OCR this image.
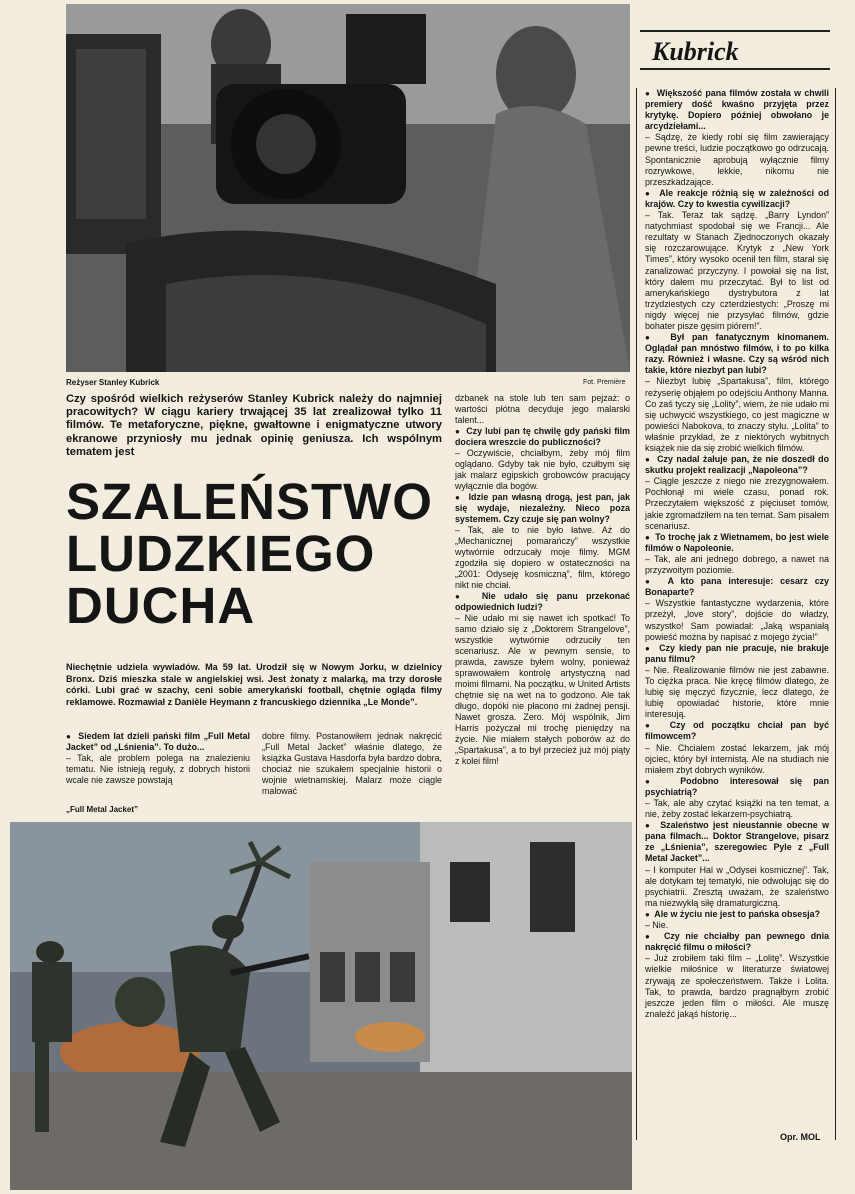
Reżyser Stanley Kubrick	Fot. Première
Kubrick
Czy spośród wielkich reżyserów Stanley Kubrick należy do najmniej pracowitych? W ciągu kariery trwającej 35 lat zrealizował tylko 11 filmów. Te metaforyczne, piękne, gwałtowne i enigmatyczne utwory ekranowe przyniosły mu jednak opinię geniusza. Ich wspólnym tematem jest
SZALEŃSTWO
LUDZKIEGO
DUCHA
Niechętnie udziela wywiadów. Ma 59 lat. Urodził się w Nowym Jorku, w dzielnicy Bronx. Dziś mieszka stale w angielskiej wsi. Jest żonaty z malarką, ma trzy dorosłe córki. Lubi grać w szachy, ceni sobie amerykański football, chętnie ogląda filmy reklamowe. Rozmawiał z Danièle Heymann z francuskiego dziennika „Le Monde”.

●  Siedem lat dzieli pański film „Full Metal Jacket” od „Lśnienia”. To dużo...

– Tak, ale problem polega na znalezieniu tematu. Nie istnieją reguły, z dobrych historii wcale nie zawsze powstają

dobre filmy. Postanowiłem jednak nakręcić „Full Metal Jacket” właśnie dlatego, że książka Gustava Hasdorfa była bardzo dobra, chociaż nie szukałem specjalnie historii o wojnie wietnamskiej. Malarz może ciągle malować

„Full Metal Jacket”

dzbanek na stole lub ten sam pejzaż: o wartości płótna decyduje jego malarski talent...

●  Czy lubi pan tę chwilę gdy pański film dociera wreszcie do publiczności?

– Oczywiście, chciałbym, żeby mój film oglądano. Gdyby tak nie było, czułbym się jak malarz egipskich grobowców pracujący wyłącznie dla bogów.

●  Idzie pan własną drogą, jest pan, jak się wydaje, niezależny. Nieco poza systemem. Czy czuje się pan wolny?

– Tak, ale to nie było łatwe. Aż do „Mechanicznej pomarańczy” wszystkie wytwórnie odrzucały moje filmy. MGM zgodziła się dopiero w ostateczności na „2001: Odyseję kosmiczną”, film, którego nikt nie chciał.

●  Nie udało się panu przekonać odpowiednich ludzi?

– Nie udało mi się nawet ich spotkać! To samo działo się z „Doktorem Strangelove”, wszystkie wytwórnie odrzuciły ten scenariusz. Ale w pewnym sensie, to prawda, zawsze byłem wolny, ponieważ sprawowałem kontrolę artystyczną nad moimi filmami. Na początku, w United Artists chętnie się na wet na to godzono. Ale tak długo, dopóki nie płacono mi żadnej pensji. Nawet grosza. Zero. Mój wspólnik, Jim Harris pożyczał mi trochę pieniędzy na życie. Nie miałem stałych poborów aż do „Spartakusa”, a to był przecież już mój piąty z kolei film!

●  Większość pana filmów została w chwili premiery dość kwaśno przyjęta przez krytykę. Dopiero później obwołano je arcydziełami...

– Sądzę, że kiedy robi się film zawierający pewne treści, ludzie początkowo go odrzucają. Spontanicznie aprobują wyłącznie filmy rozrywkowe, lekkie, nikomu nie przeszkadzające.

●  Ale reakcje różnią się w zależności od krajów. Czy to kwestia cywilizacji?

– Tak. Teraz tak sądzę. „Barry Lyndon” natychmiast spodobał się we Francji... Ale rezultaty w Stanach Zjednoczonych okazały się rozczarowujące. Krytyk z „New York Times”, który wysoko ocenił ten film, starał się zanalizować przyczyny. I powołał się na list, który dałem mu przeczytać. Był to list od amerykańskiego dystrybutora z lat trzydziestych czy czterdziestych: „Proszę mi nigdy więcej nie przysyłać filmów, gdzie bohater pisze gęsim piórem!”.

●  Był pan fanatycznym kinomanem. Oglądał pan mnóstwo filmów, i to po kilka razy. Również i własne. Czy są wśród nich takie, które niezbyt pan lubi?

– Niezbyt lubię „Spartakusa”, film, którego reżyserię objąłem po odejściu Anthony Manna. Co zaś tyczy się „Lolity”, wiem, że nie udało mi się uchwycić wszystkiego, co jest magiczne w powieści Nabokova, to znaczy stylu. „Lolita” to właśnie przykład, że z niektórych wybitnych książek nie da się zrobić wielkich filmów.

●  Czy nadal żałuje pan, że nie doszedł do skutku projekt realizacji „Napoleona”?

– Ciągle jeszcze z niego nie zrezygnowałem. Pochłonął mi wiele czasu, ponad rok. Przeczytałem większość z pięciuset tomów, jakie zgromadziłem na ten temat. Sam pisałem scenariusz.

●  To trochę jak z Wietnamem, bo jest wiele filmów o Napoleonie.

– Tak, ale ani jednego dobrego, a nawet na przyzwoitym poziomie.

●  A kto pana interesuje: cesarz czy Bonaparte?

– Wszystkie fantastyczne wydarzenia, które przeżył, „love story”, dojście do władzy, wszystko! Sam powiadał: „Jaką wspaniałą powieść można by napisać z mojego życia!”

●  Czy kiedy pan nie pracuje, nie brakuje panu filmu?

– Nie. Realizowanie filmów nie jest zabawne. To ciężka praca. Nie kręcę filmów dlatego, że lubię się męczyć fizycznie, lecz dlatego, że lubię opowiadać historie, które mnie interesują.

●  Czy od początku chciał pan być filmowcem?

– Nie. Chciałem zostać lekarzem, jak mój ojciec, który był internistą. Ale na studiach nie miałem zbyt dobrych wyników.

●  Podobno interesował się pan psychiatrią?

– Tak, ale aby czytać książki na ten temat, a nie, żeby zostać lekarzem-psychiatrą.

●  Szaleństwo jest nieustannie obecne w pana filmach... Doktor Strangelove, pisarz ze „Lśnienia”, szeregowiec Pyle z „Full Metal Jacket”...

– I komputer Hal w „Odysei kosmicznej”. Tak, ale dotykam tej tematyki, nie odwołując się do psychiatrii. Zresztą uważam, że szaleństwo ma niezwykłą siłę dramaturgiczną.

●  Ale w życiu nie jest to pańska obsesja?

– Nie.

●  Czy nie chciałby pan pewnego dnia nakręcić filmu o miłości?

– Już zrobiłem taki film – „Lolitę”. Wszystkie wielkie miłośnice w literaturze światowej zrywają ze społeczeństwem. Także i Lolita. Tak, to prawda, bardzo pragnąłbym zrobić jeszcze jeden film o miłości. Ale muszę znaleźć jakąś historię...

Opr. MOL
